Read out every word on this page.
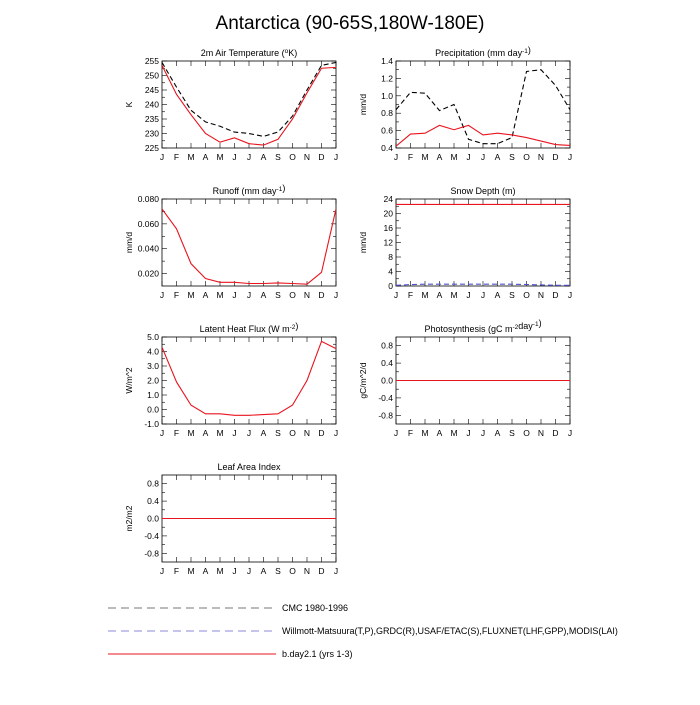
Antarctica (90-65S,180W-180E)
2m Air Temperature ($^o$K)
J F M A M J J A S O N D J
225
230
235
240
245
250
255
K
Precipitation (mm day$^{-1}$)
J F M A M J J A S O N D J
0.4
0.6
0.8
1.0
1.2
1.4
mm/d
Runoff (mm day$^{-1}$)
J F M A M J J A S O N D J
0.020
0.040
0.060
0.080
mm/d
Snow Depth (m)
J F M A M J J A S O N D J
0
4
8
12
16
20
24
mm/d
Latent Heat Flux (W $m^{-2}$)
J F M A M J J A S O N D J
-1.0
0.0
1.0
2.0
3.0
4.0
5.0
W/m^2
Photosynthesis (gC $m^{-2}day^{-1}$)
J F M A M J J A S O N D J
-0.8
-0.4
0.0
0.4
0.8
gC/m^2/d
Leaf Area Index
J F M A M J J A S O N D J
-0.8
-0.4
0.0
0.4
0.8
m2/m2
CMC 1980-1996
Willmott-Matsuura(T,P),GRDC(R),USAF/ETAC(S),FLUXNET(LHF,GPP),MODIS(LAI)
b.day2.1 (yrs 1-3)
